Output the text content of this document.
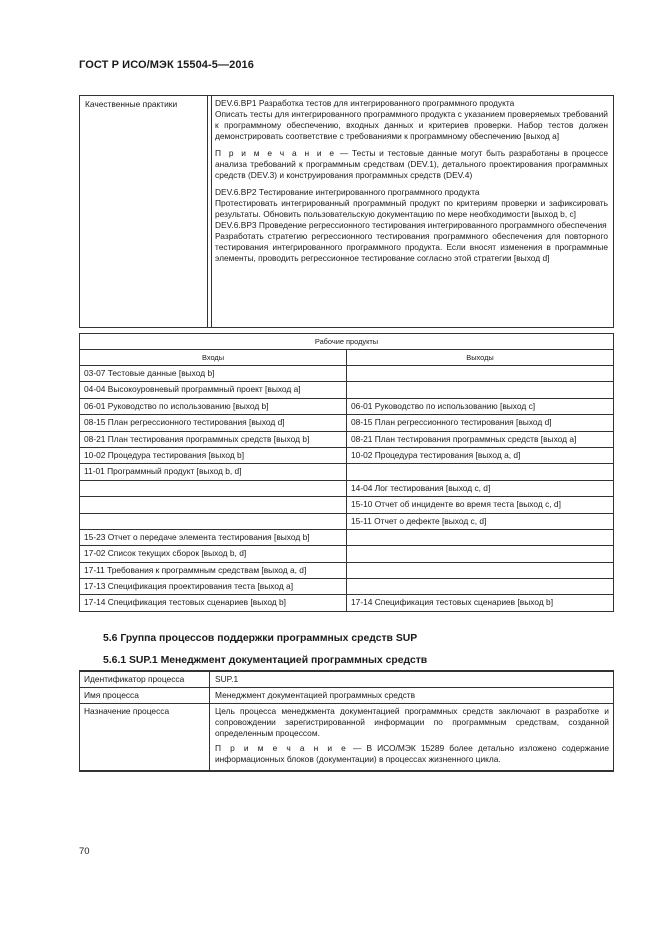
ГОСТ Р ИСО/МЭК 15504-5—2016
Качественные практики	DEV.6.BP1 Разработка тестов для интегрированного программного продукта

Описать тесты для интегрированного программного продукта с указанием проверяемых требований к программному обеспечению, входных данных и критериев проверки. Набор тестов должен демонстрировать соответствие с требованиями к программному обеспечению [выход a]

П р и м е ч а н и е — Тесты и тестовые данные могут быть разработаны в процессе анализа требований к программным средствам (DEV.1), детального проектирования программных средств (DEV.3) и конструирования программных средств (DEV.4)

DEV.6.BP2 Тестирование интегрированного программного продукта

Протестировать интегрированный программный продукт по критериям проверки и зафиксировать результаты. Обновить пользовательскую документацию по мере необходимости [выход b, c]

DEV.6.BP3 Проведение регрессионного тестирования интегрированного программного обеспечения

Разработать стратегию регрессионного тестирования программного обеспечения для повторного тестирования интегрированного программного продукта. Если вносят изменения в программные элементы, проводить регрессионное тестирование согласно этой стратегии [выход d]

Рабочие продукты	
Входы	Выходы
03-07 Тестовые данные [выход b]	
04-04 Высокоуровневый программный проект [выход a]	
06-01 Руководство по использованию [выход b]	06-01 Руководство по использованию [выход c]
08-15 План регрессионного тестирования [выход d]	08-15 План регрессионного тестирования [выход d]
08-21 План тестирования программных средств [выход b]	08-21 План тестирования программных средств [выход a]
10-02 Процедура тестирования [выход b]	10-02 Процедура тестирования [выход a, d]
11-01 Программный продукт [выход b, d]	
	14-04 Лог тестирования [выход c, d]
	15-10 Отчет об инциденте во время теста [выход c, d]
	15-11 Отчет о дефекте [выход c, d]
15-23 Отчет о передаче элемента тестирования [выход b]	
17-02 Список текущих сборок [выход b, d]	
17-11 Требования к программным средствам [выход a, d]	
17-13 Спецификация проектирования теста [выход a]	
17-14 Спецификация тестовых сценариев [выход b]	17-14 Спецификация тестовых сценариев [выход b]
5.6 Группа процессов поддержки программных средств SUP
5.6.1 SUP.1 Менеджмент документацией программных средств
Идентификатор процесса	SUP.1
Имя процесса	Менеджмент документацией программных средств
Назначение процесса	Цель процесса менеджмента документацией программных средств заключают в разработке и сопровождении зарегистрированной информации по программным средствам, созданной определенным процессом.

П р и м е ч а н и е — В ИСО/МЭК 15289 более детально изложено содержание информационных блоков (документации) в процессах жизненного цикла.

70
